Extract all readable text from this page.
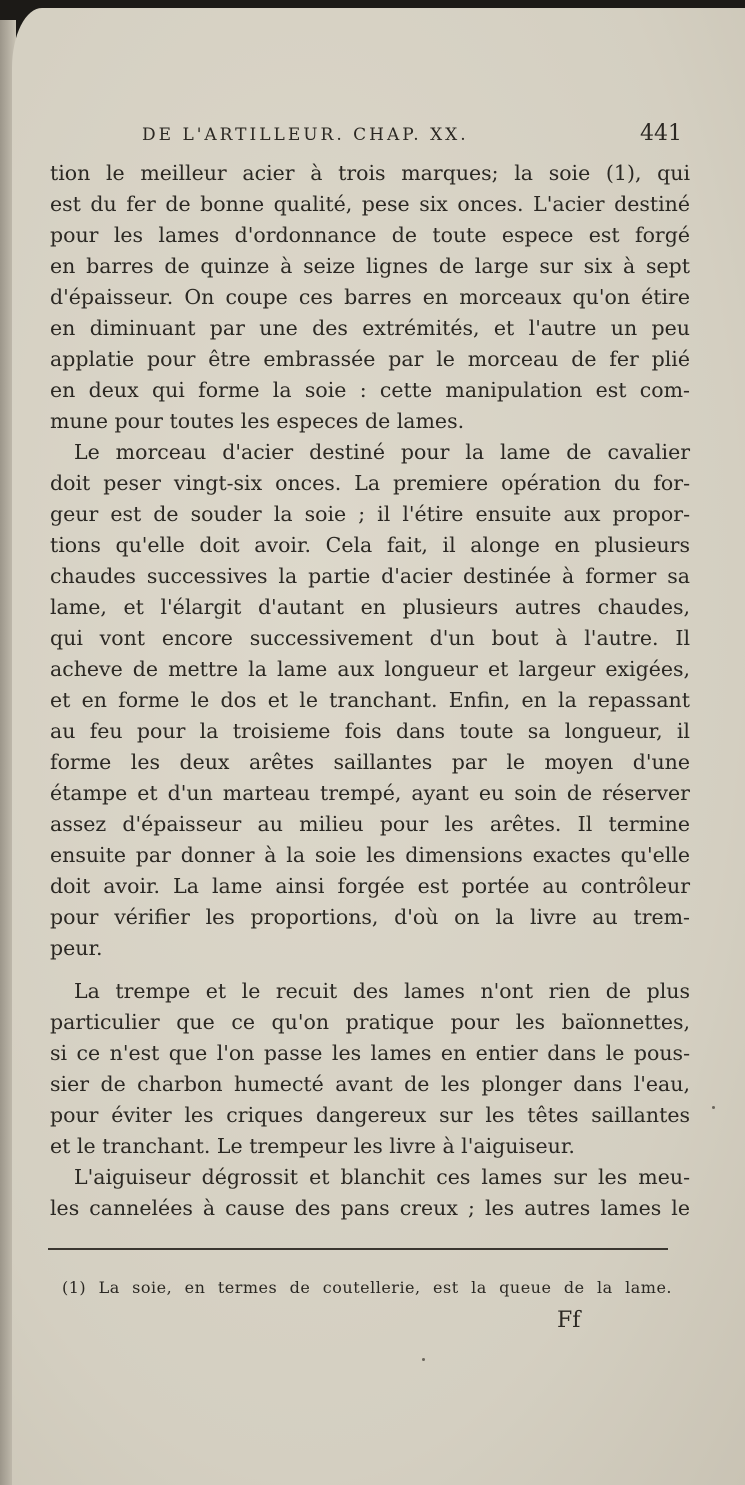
DE L'ARTILLEUR. CHAP. XX.	441
tion le meilleur acier à trois marques; la soie (1), qui
est du fer de bonne qualité, pese six onces. L'acier destiné
pour les lames d'ordonnance de toute espece est forgé
en barres de quinze à seize lignes de large sur six à sept
d'épaisseur. On coupe ces barres en morceaux qu'on étire
en diminuant par une des extrémités, et l'autre un peu
applatie pour être embrassée par le morceau de fer plié
en deux qui forme la soie : cette manipulation est com-
mune pour toutes les especes de lames.
Le morceau d'acier destiné pour la lame de cavalier
doit peser vingt-six onces. La premiere opération du for-
geur est de souder la soie ; il l'étire ensuite aux propor-
tions qu'elle doit avoir. Cela fait, il alonge en plusieurs
chaudes successives la partie d'acier destinée à former sa
lame, et l'élargit d'autant en plusieurs autres chaudes,
qui vont encore successivement d'un bout à l'autre. Il
acheve de mettre la lame aux longueur et largeur exigées,
et en forme le dos et le tranchant. Enfin, en la repassant
au feu pour la troisieme fois dans toute sa longueur, il
forme les deux arêtes saillantes par le moyen d'une
étampe et d'un marteau trempé, ayant eu soin de réserver
assez d'épaisseur au milieu pour les arêtes. Il termine
ensuite par donner à la soie les dimensions exactes qu'elle
doit avoir. La lame ainsi forgée est portée au contrôleur
pour vérifier les proportions, d'où on la livre au trem-
peur.
La trempe et le recuit des lames n'ont rien de plus
particulier que ce qu'on pratique pour les baïonnettes,
si ce n'est que l'on passe les lames en entier dans le pous-
sier de charbon humecté avant de les plonger dans l'eau,
pour éviter les criques dangereux sur les têtes saillantes
et le tranchant. Le trempeur les livre à l'aiguiseur.
L'aiguiseur dégrossit et blanchit ces lames sur les meu-
les cannelées à cause des pans creux ; les autres lames le
(1) La soie, en termes de coutellerie, est la queue de la lame.
Ff
